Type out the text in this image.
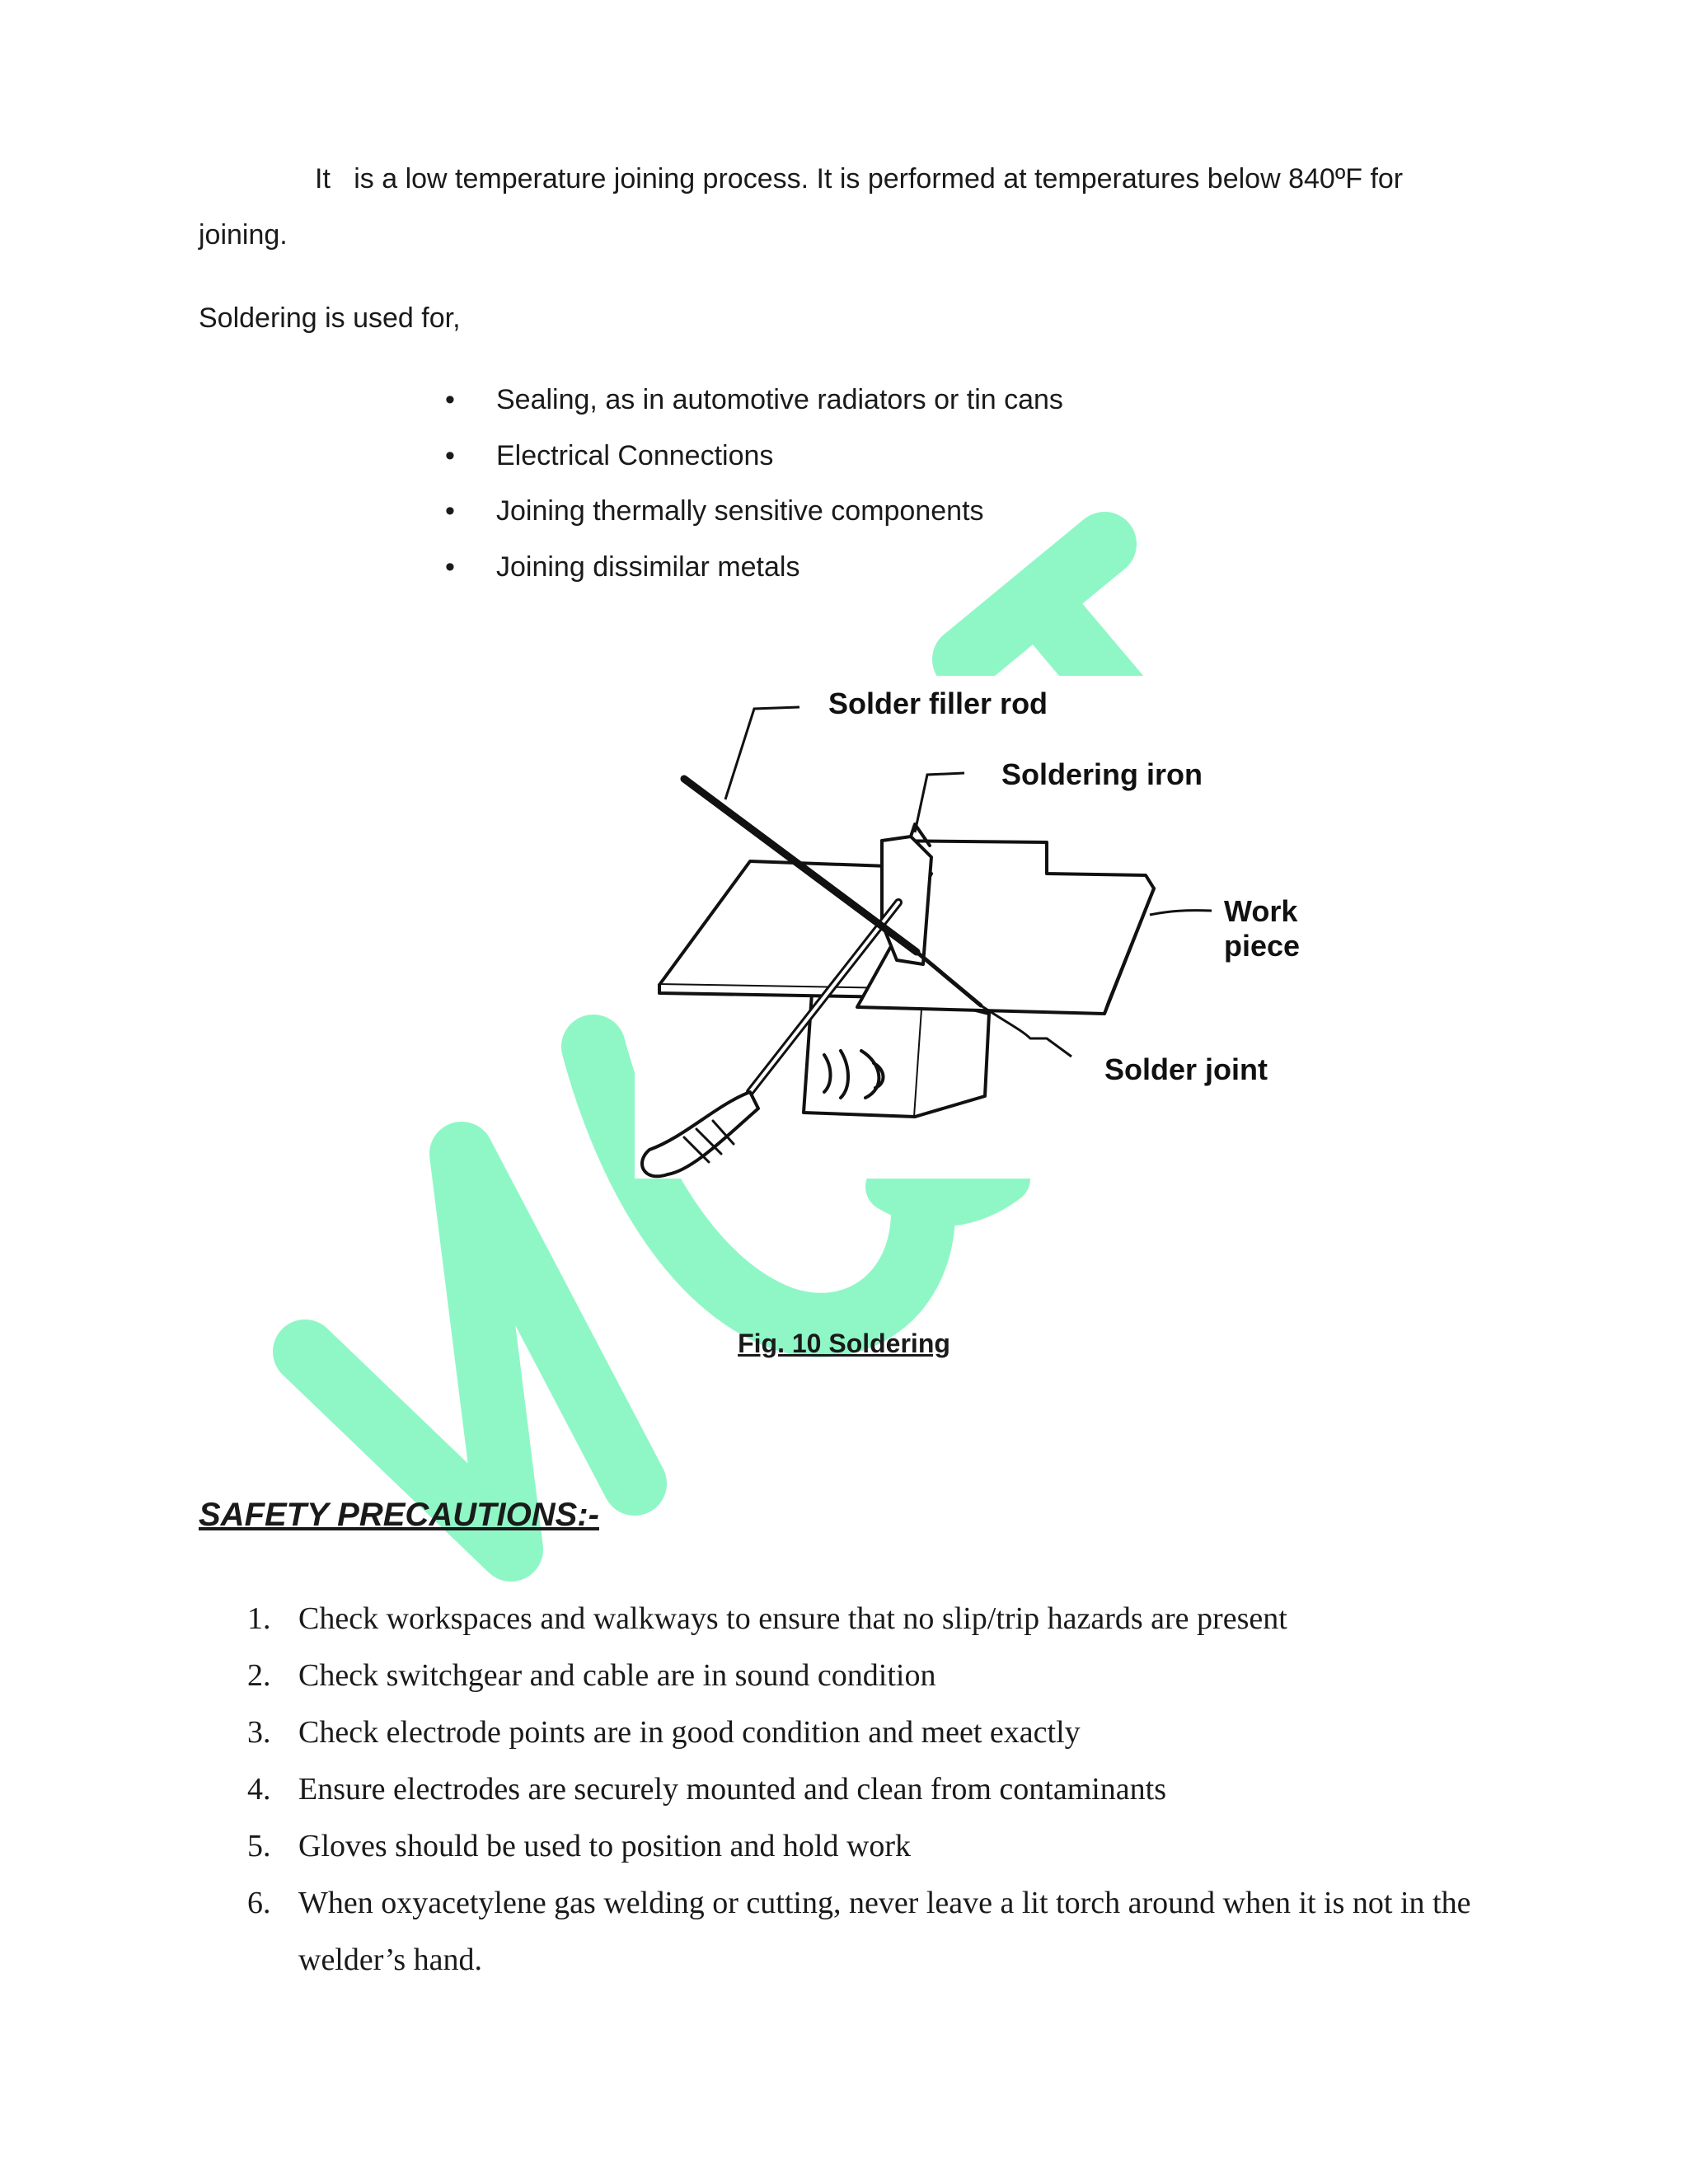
It   is a low temperature joining process. It is performed at temperatures below 840ºF for
joining.
Soldering is used for,
• Sealing, as in automotive radiators or tin cans
• Electrical Connections
• Joining thermally sensitive components
• Joining dissimilar metals
Solder filler rod
Soldering iron
Work
piece
Solder joint
Fig. 10 Soldering
SAFETY PRECAUTIONS:-
1. Check workspaces and walkways to ensure that no slip/trip hazards are present
2. Check switchgear and cable are in sound condition
3. Check electrode points are in good condition and meet exactly
4. Ensure electrodes are securely mounted and clean from contaminants
5. Gloves should be used to position and hold work
6. When oxyacetylene gas welding or cutting, never leave a lit torch around when it is not in the welder’s hand.
